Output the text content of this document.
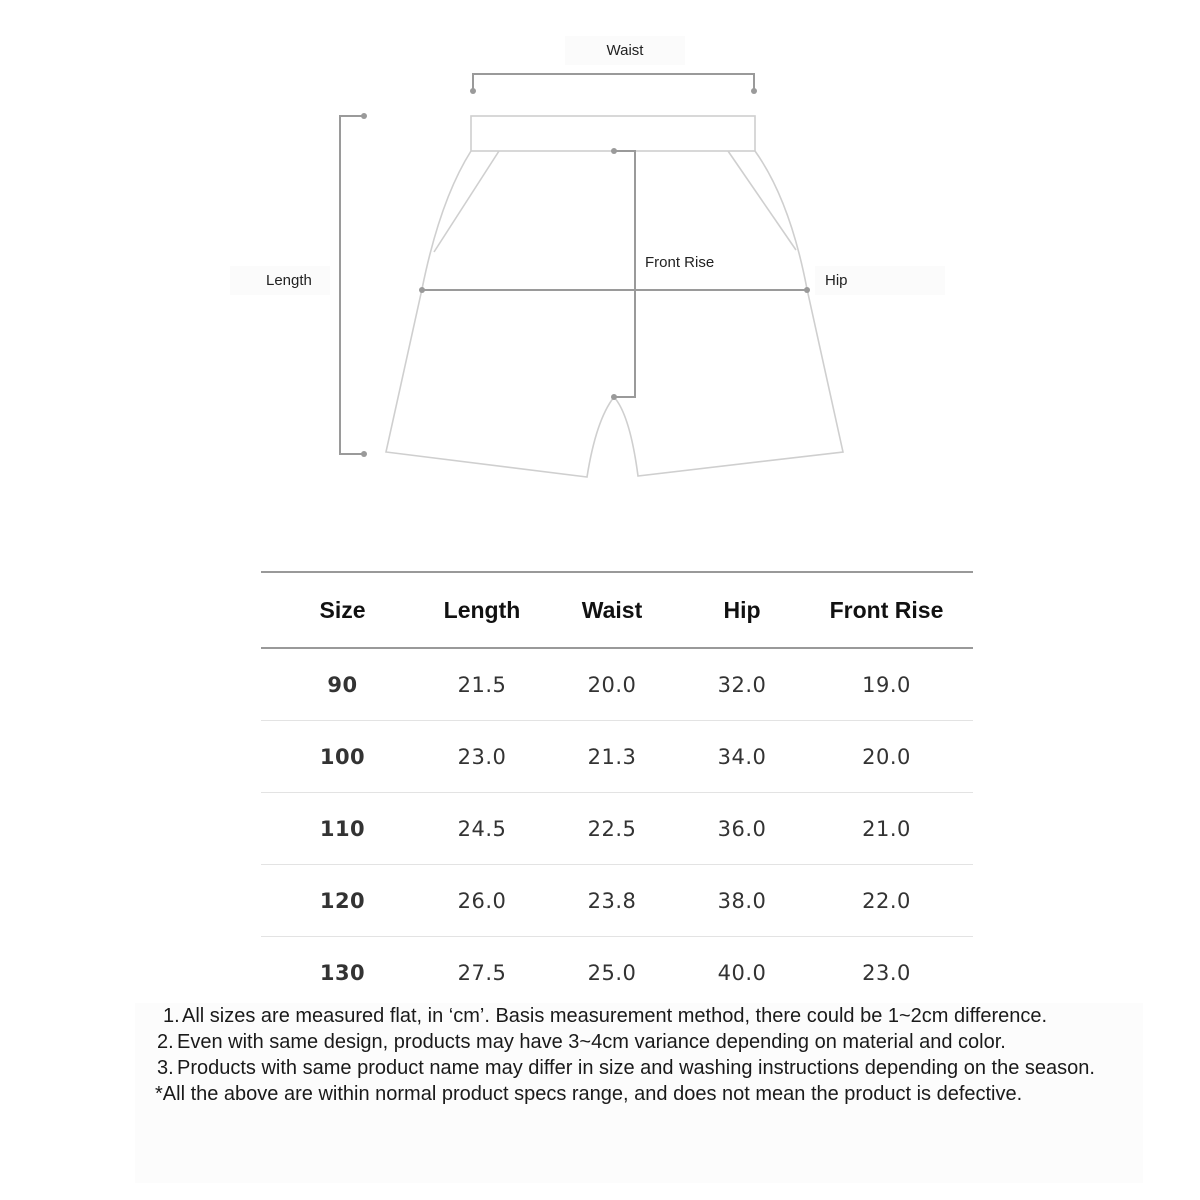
Waist
Length	Hip
Front Rise
Size	Length	Waist	Hip	Front Rise
90	21.5	20.0	32.0	19.0
100	23.0	21.3	34.0	20.0
110	24.5	22.5	36.0	21.0
120	26.0	23.8	38.0	22.0
130	27.5	25.0	40.0	23.0
1. All sizes are measured flat, in ‘cm’. Basis measurement method, there could be 1~2cm difference.
2. Even with same design, products may have 3~4cm variance depending on material and color.
3. Products with same product name may differ in size and washing instructions depending on the season.
*All the above are within normal product specs range, and does not mean the product is defective.
